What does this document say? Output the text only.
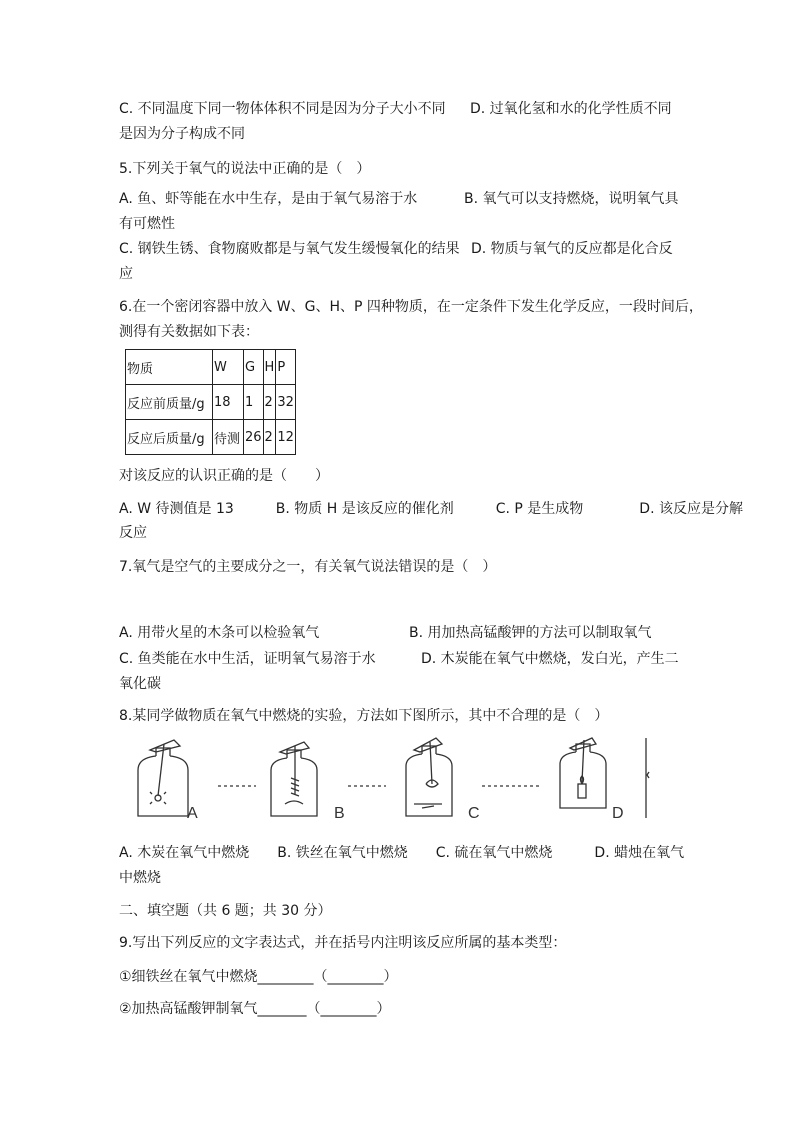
C. 不同温度下同一物体体积不同是因为分子大小不同 D. 过氧化氢和水的化学性质不同
是因为分子构成不同
5.下列关于氧气的说法中正确的是（　）
A. 鱼、虾等能在水中生存，是由于氧气易溶于水	B. 氧气可以支持燃烧，说明氧气具
有可燃性
C. 钢铁生锈、食物腐败都是与氧气发生缓慢氧化的结果 D. 物质与氧气的反应都是化合反
应
6.在一个密闭容器中放入 W、G、H、P 四种物质，在一定条件下发生化学反应，一段时间后，
测得有关数据如下表：
物质	W	G	H	P
反应前质量/g	18	1	2	32
反应后质量/g	待测	26	2	12
对该反应的认识正确的是（　　）
A. W 待测值是 13　　　B. 物质 H 是该反应的催化剂　　　C. P 是生成物　　　　D. 该反应是分解
反应
7.氧气是空气的主要成分之一，有关氧气说法错误的是（　）
A. 用带火星的木条可以检验氧气	B. 用加热高锰酸钾的方法可以制取氧气
C. 鱼类能在水中生活，证明氧气易溶于水	D. 木炭能在氧气中燃烧，发白光，产生二
氧化碳
8.某同学做物质在氧气中燃烧的实验，方法如下图所示，其中不合理的是（　）
A	B	C	D
A. 木炭在氧气中燃烧　　B. 铁丝在氧气中燃烧　　C. 硫在氧气中燃烧　　　D. 蜡烛在氧气
中燃烧
二、填空题（共 6 题；共 30 分）
9.写出下列反应的文字表达式，并在括号内注明该反应所属的基本类型：
①细铁丝在氧气中燃烧________（________）
②加热高锰酸钾制氧气_______（________）
